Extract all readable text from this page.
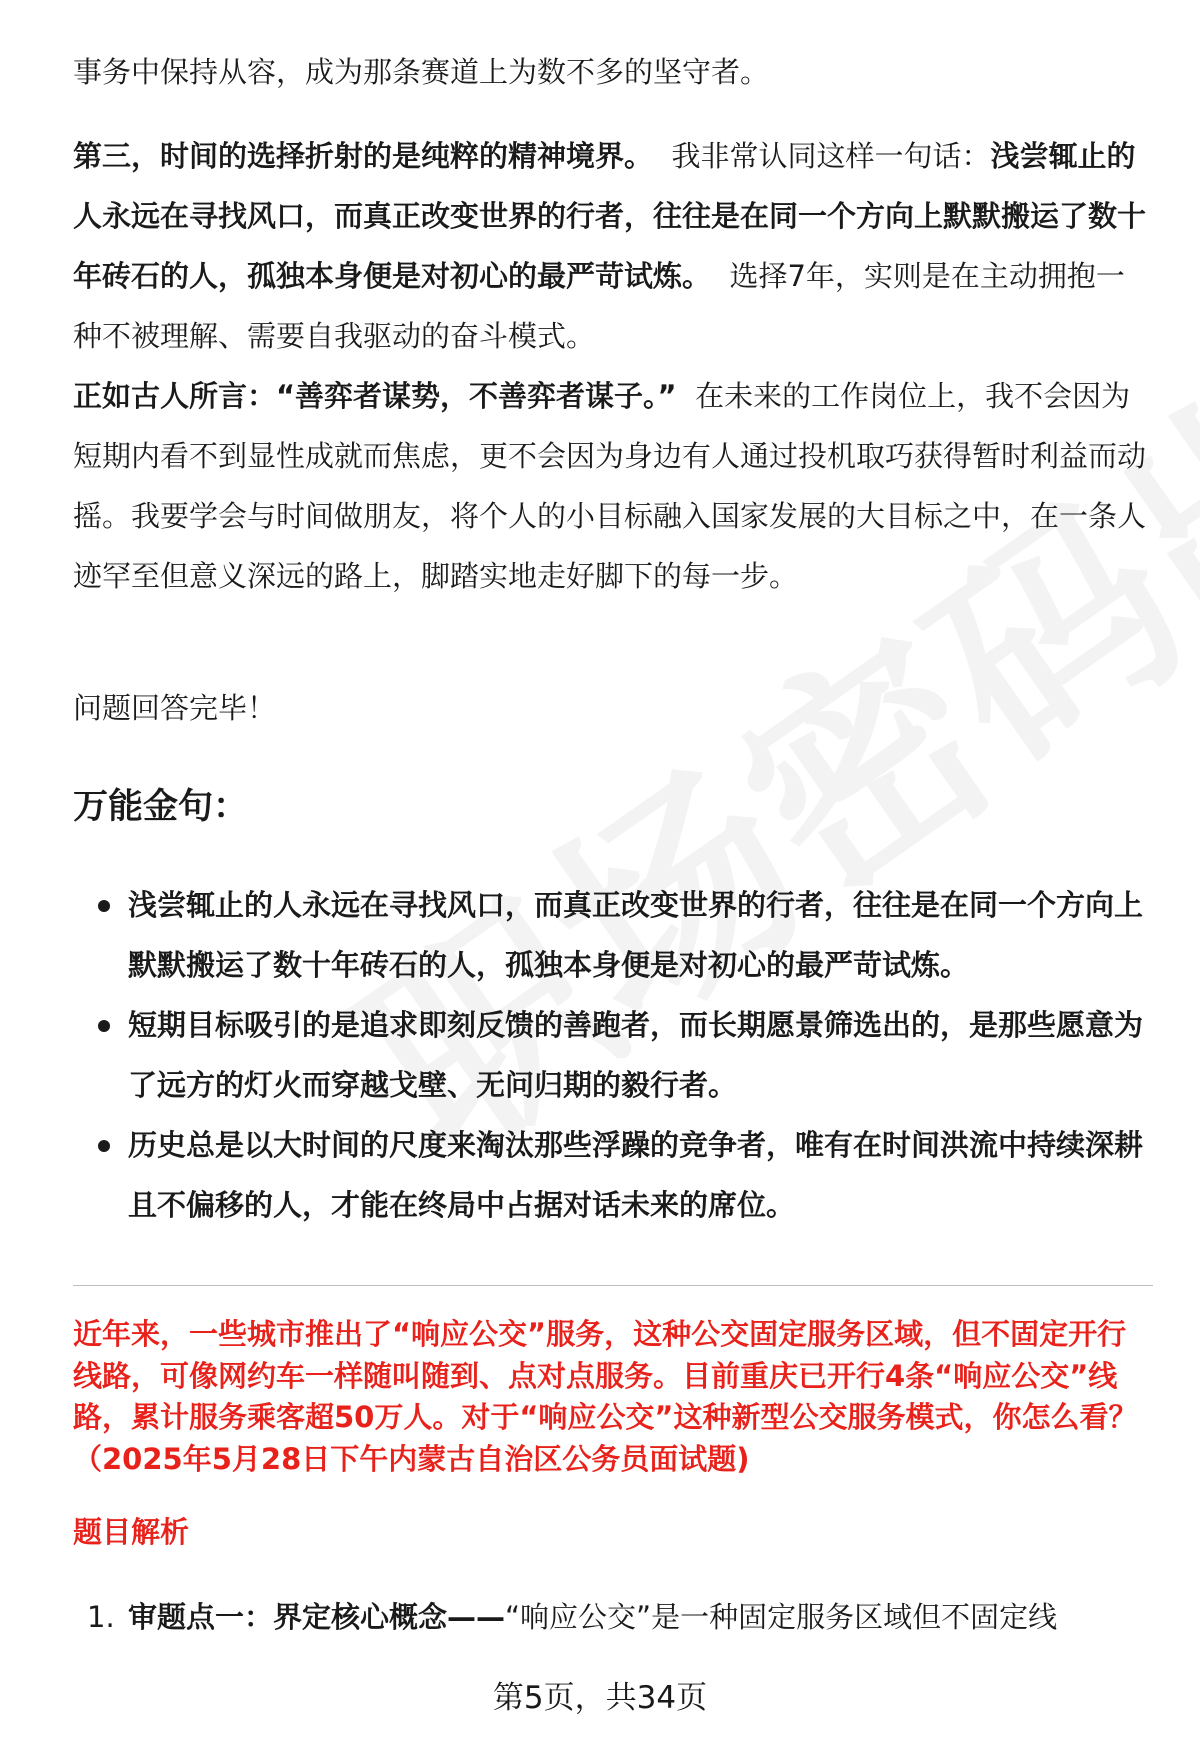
事务中保持从容，成为那条赛道上为数不多的坚守者。

第三，时间的选择折射的是纯粹的精神境界。 我非常认同这样一句话：浅尝辄止的人永远在寻找风口，而真正改变世界的行者，往往是在同一个方向上默默搬运了数十年砖石的人，孤独本身便是对初心的最严苛试炼。 选择7年，实则是在主动拥抱一种不被理解、需要自我驱动的奋斗模式。

正如古人所言：“善弈者谋势，不善弈者谋子。” 在未来的工作岗位上，我不会因为短期内看不到显性成就而焦虑，更不会因为身边有人通过投机取巧获得暂时利益而动摇。我要学会与时间做朋友，将个人的小目标融入国家发展的大目标之中，在一条人迹罕至但意义深远的路上，脚踏实地走好脚下的每一步。

问题回答完毕！

万能金句：

浅尝辄止的人永远在寻找风口，而真正改变世界的行者，往往是在同一个方向上默默搬运了数十年砖石的人，孤独本身便是对初心的最严苛试炼。
短期目标吸引的是追求即刻反馈的善跑者，而长期愿景筛选出的，是那些愿意为了远方的灯火而穿越戈壁、无问归期的毅行者。
历史总是以大时间的尺度来淘汰那些浮躁的竞争者，唯有在时间洪流中持续深耕且不偏移的人，才能在终局中占据对话未来的席位。

近年来，一些城市推出了“响应公交”服务，这种公交固定服务区域，但不固定开行线路，可像网约车一样随叫随到、点对点服务。目前重庆已开行4条“响应公交”线路，累计服务乘客超50万人。对于“响应公交”这种新型公交服务模式，你怎么看？（2025年5月28日下午内蒙古自治区公务员面试题)

题目解析

1. 审题点一：界定核心概念——“响应公交”是一种固定服务区域但不固定线

第5页，共34页
